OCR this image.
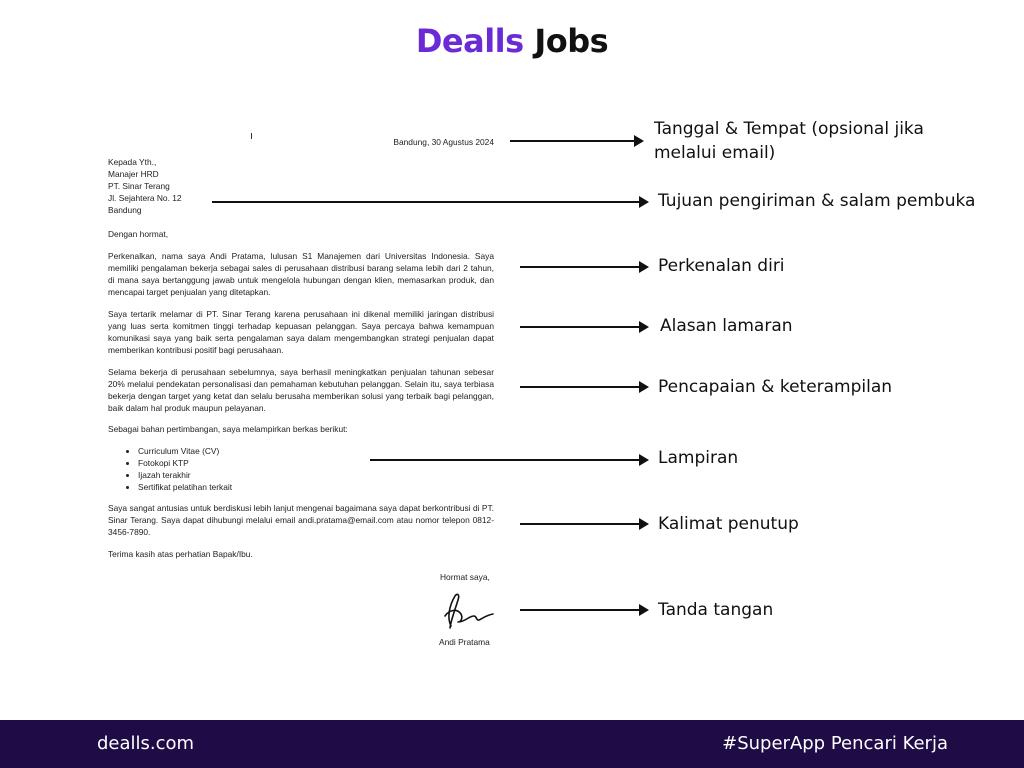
Dealls Jobs
Bandung, 30 Agustus 2024
Kepada Yth.,
Manajer HRD
PT. Sinar Terang
Jl. Sejahtera No. 12
Bandung
Dengan hormat,

Perkenalkan, nama saya Andi Pratama, lulusan S1 Manajemen dari Universitas Indonesia. Saya memiliki pengalaman bekerja sebagai sales di perusahaan distribusi barang selama lebih dari 2 tahun, di mana saya bertanggung jawab untuk mengelola hubungan dengan klien, memasarkan produk, dan mencapai target penjualan yang ditetapkan.

Saya tertarik melamar di PT. Sinar Terang karena perusahaan ini dikenal memiliki jaringan distribusi yang luas serta komitmen tinggi terhadap kepuasan pelanggan. Saya percaya bahwa kemampuan komunikasi saya yang baik serta pengalaman saya dalam mengembangkan strategi penjualan dapat memberikan kontribusi positif bagi perusahaan.

Selama bekerja di perusahaan sebelumnya, saya berhasil meningkatkan penjualan tahunan sebesar 20% melalui pendekatan personalisasi dan pemahaman kebutuhan pelanggan. Selain itu, saya terbiasa bekerja dengan target yang ketat dan selalu berusaha memberikan solusi yang terbaik bagi pelanggan, baik dalam hal produk maupun pelayanan.

Sebagai bahan pertimbangan, saya melampirkan berkas berikut:
• Curriculum Vitae (CV)
• Fotokopi KTP
• Ijazah terakhir
• Sertifikat pelatihan terkait

Saya sangat antusias untuk berdiskusi lebih lanjut mengenai bagaimana saya dapat berkontribusi di PT. Sinar Terang. Saya dapat dihubungi melalui email andi.pratama@email.com atau nomor telepon 0812-3456-7890.

Terima kasih atas perhatian Bapak/Ibu.
Hormat saya,
Andi Pratama
Tanggal & Tempat (opsional jika melalui email)
Tujuan pengiriman & salam pembuka
Perkenalan diri
Alasan lamaran
Pencapaian & keterampilan
Lampiran
Kalimat penutup
Tanda tangan
dealls.com	#SuperApp Pencari Kerja
